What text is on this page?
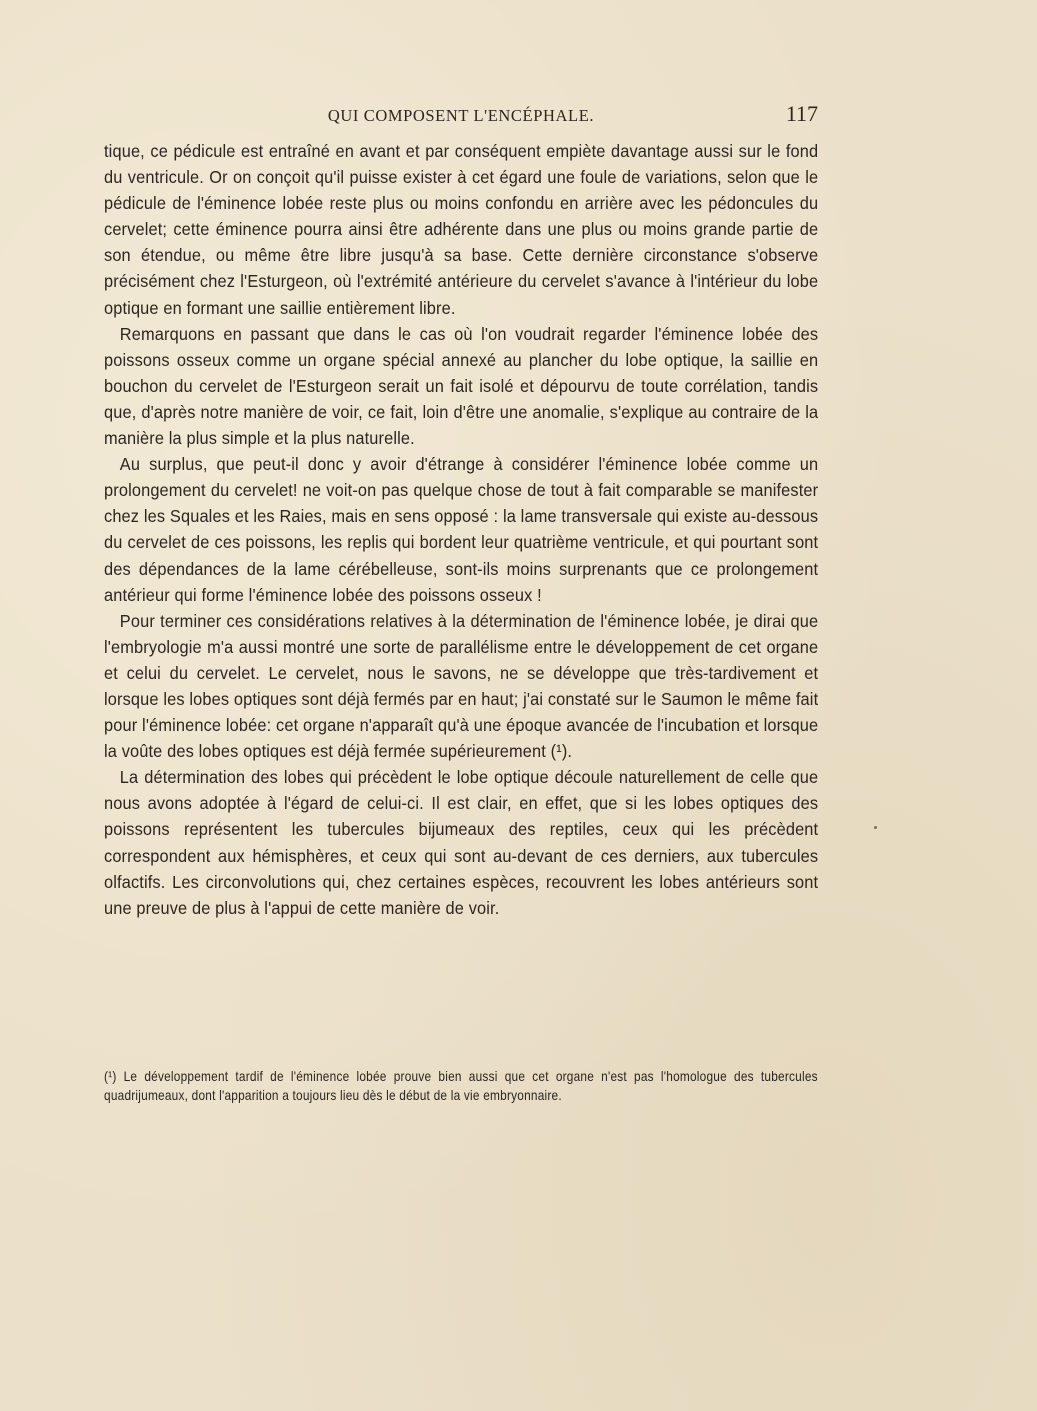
QUI COMPOSENT L'ENCÉPHALE.	117

tique, ce pédicule est entraîné en avant et par conséquent empiète davantage aussi sur le fond du ventricule. Or on conçoit qu'il puisse exister à cet égard une foule de variations, selon que le pédicule de l'éminence lobée reste plus ou moins confondu en arrière avec les pédoncules du cervelet; cette éminence pourra ainsi être adhérente dans une plus ou moins grande partie de son étendue, ou même être libre jusqu'à sa base. Cette dernière circonstance s'observe précisément chez l'Esturgeon, où l'extrémité antérieure du cervelet s'avance à l'intérieur du lobe optique en formant une saillie entièrement libre.

Remarquons en passant que dans le cas où l'on voudrait regarder l'éminence lobée des poissons osseux comme un organe spécial annexé au plancher du lobe optique, la saillie en bouchon du cervelet de l'Esturgeon serait un fait isolé et dépourvu de toute corrélation, tandis que, d'après notre manière de voir, ce fait, loin d'être une anomalie, s'explique au contraire de la manière la plus simple et la plus naturelle.

Au surplus, que peut-il donc y avoir d'étrange à considérer l'éminence lobée comme un prolongement du cervelet! ne voit-on pas quelque chose de tout à fait comparable se manifester chez les Squales et les Raies, mais en sens opposé : la lame transversale qui existe au-dessous du cervelet de ces poissons, les replis qui bordent leur quatrième ventricule, et qui pourtant sont des dépendances de la lame cérébelleuse, sont-ils moins surprenants que ce prolongement antérieur qui forme l'éminence lobée des poissons osseux !

Pour terminer ces considérations relatives à la détermination de l'éminence lobée, je dirai que l'embryologie m'a aussi montré une sorte de parallélisme entre le développement de cet organe et celui du cervelet. Le cervelet, nous le savons, ne se développe que très-tardivement et lorsque les lobes optiques sont déjà fermés par en haut; j'ai constaté sur le Saumon le même fait pour l'éminence lobée: cet organe n'apparaît qu'à une époque avancée de l'incubation et lorsque la voûte des lobes optiques est déjà fermée supérieurement (¹).

La détermination des lobes qui précèdent le lobe optique découle naturellement de celle que nous avons adoptée à l'égard de celui-ci. Il est clair, en effet, que si les lobes optiques des poissons représentent les tubercules bijumeaux des reptiles, ceux qui les précèdent correspondent aux hémisphères, et ceux qui sont au-devant de ces derniers, aux tubercules olfactifs. Les circonvolutions qui, chez certaines espèces, recouvrent les lobes antérieurs sont une preuve de plus à l'appui de cette manière de voir.

(¹) Le développement tardif de l'éminence lobée prouve bien aussi que cet organe n'est pas l'homologue des tubercules quadrijumeaux, dont l'apparition a toujours lieu dès le début de la vie embryonnaire.
